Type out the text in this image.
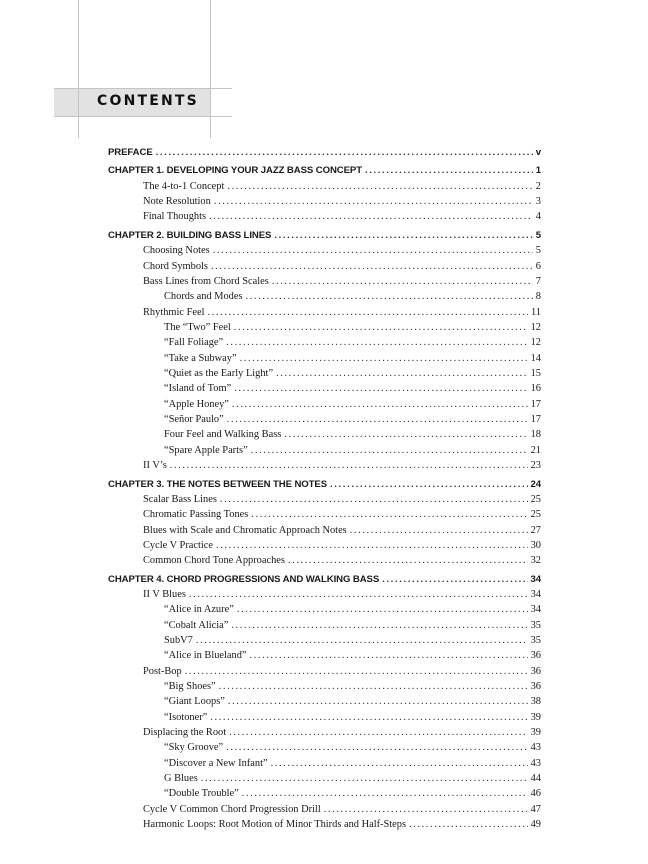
CONTENTS
PREFACE .....	v
CHAPTER 1. DEVELOPING YOUR JAZZ BASS CONCEPT .....	1
The 4-to-1 Concept .....	2
Note Resolution .....	3
Final Thoughts .....	4
CHAPTER 2. BUILDING BASS LINES .....	5
Choosing Notes .....	5
Chord Symbols .....	6
Bass Lines from Chord Scales .....	7
Chords and Modes .....	8
Rhythmic Feel .....	11
The “Two” Feel .....	12
“Fall Foliage” .....	12
“Take a Subway” .....	14
“Quiet as the Early Light” .....	15
“Island of Tom” .....	16
“Apple Honey” .....	17
“Señor Paulo” .....	17
Four Feel and Walking Bass .....	18
“Spare Apple Parts” .....	21
II V’s .....	23
CHAPTER 3. THE NOTES BETWEEN THE NOTES .....	24
Scalar Bass Lines .....	25
Chromatic Passing Tones .....	25
Blues with Scale and Chromatic Approach Notes .....	27
Cycle V Practice .....	30
Common Chord Tone Approaches .....	32
CHAPTER 4. CHORD PROGRESSIONS AND WALKING BASS .....	34
II V Blues .....	34
“Alice in Azure” .....	34
“Cobalt Alicia” .....	35
SubV7 .....	35
“Alice in Blueland” .....	36
Post-Bop .....	36
“Big Shoes” .....	36
“Giant Loops” .....	38
“Isotoner” .....	39
Displacing the Root .....	39
“Sky Groove” .....	43
“Discover a New Infant” .....	43
G Blues .....	44
“Double Trouble” .....	46
Cycle V Common Chord Progression Drill .....	47
Harmonic Loops: Root Motion of Minor Thirds and Half-Steps .....	49
